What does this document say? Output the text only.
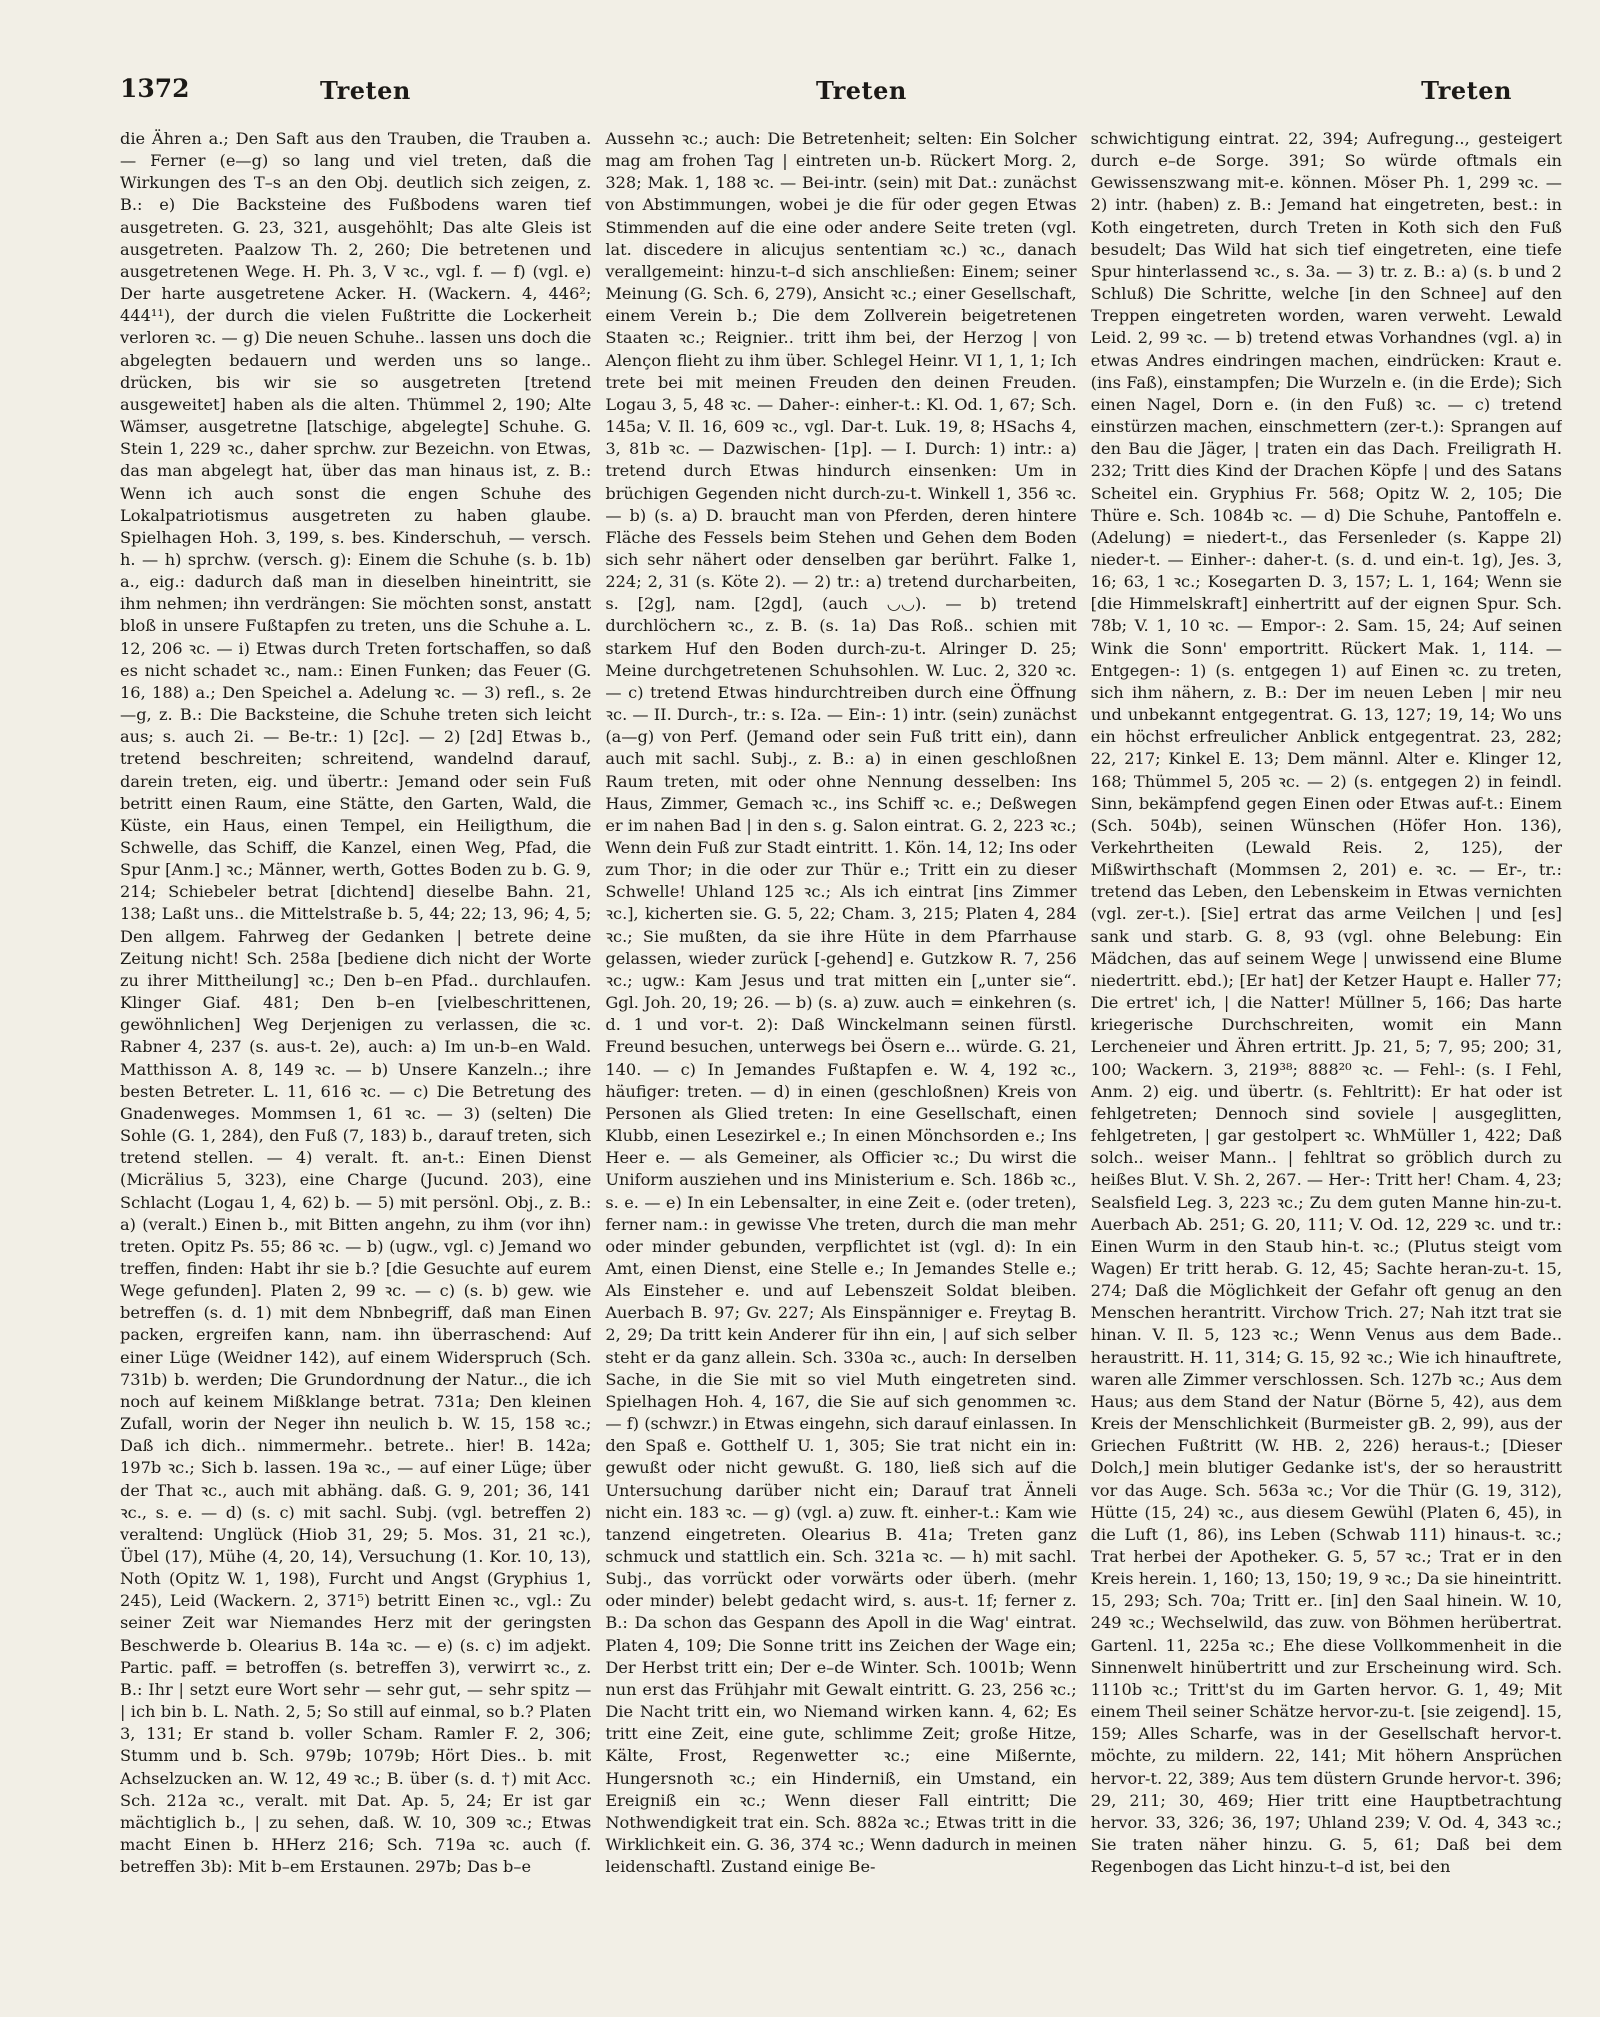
1372	Treten	Treten	Treten

die Ähren a.; Den Saft aus den Trauben, die Trauben a. — Ferner (e—g) so lang und viel treten, daß die Wirkungen des T–s an den Obj. deutlich sich zeigen, z. B.: e) Die Backsteine des Fußbodens waren tief ausgetreten. G. 23, 321, ausgehöhlt; Das alte Gleis ist ausgetreten. Paalzow Th. 2, 260; Die betretenen und ausgetretenen Wege. H. Ph. 3, V ꝛc., vgl. f. — f) (vgl. e) Der harte ausgetretene Acker. H. (Wackern. 4, 446²; 444¹¹), der durch die vielen Fußtritte die Lockerheit verloren ꝛc. — g) Die neuen Schuhe.. lassen uns doch die abgelegten bedauern und werden uns so lange.. drücken, bis wir sie so ausgetreten [tretend ausgeweitet] haben als die alten. Thümmel 2, 190; Alte Wämser, ausgetretne [latschige, abgelegte] Schuhe. G. Stein 1, 229 ꝛc., daher sprchw. zur Bezeichn. von Etwas, das man abgelegt hat, über das man hinaus ist, z. B.: Wenn ich auch sonst die engen Schuhe des Lokalpatriotismus ausgetreten zu haben glaube. Spielhagen Hoh. 3, 199, s. bes. Kinderschuh, — versch. h. — h) sprchw. (versch. g): Einem die Schuhe (s. b. 1b) a., eig.: dadurch daß man in dieselben hineintritt, sie ihm nehmen; ihn verdrängen: Sie möchten sonst, anstatt bloß in unsere Fußtapfen zu treten, uns die Schuhe a. L. 12, 206 ꝛc. — i) Etwas durch Treten fortschaffen, so daß es nicht schadet ꝛc., nam.: Einen Funken; das Feuer (G. 16, 188) a.; Den Speichel a. Adelung ꝛc. — 3) refl., s. 2e—g, z. B.: Die Backsteine, die Schuhe treten sich leicht aus; s. auch 2i. — Be-tr.: 1) [2c]. — 2) [2d] Etwas b., tretend beschreiten; schreitend, wandelnd darauf, darein treten, eig. und übertr.: Jemand oder sein Fuß betritt einen Raum, eine Stätte, den Garten, Wald, die Küste, ein Haus, einen Tempel, ein Heiligthum, die Schwelle, das Schiff, die Kanzel, einen Weg, Pfad, die Spur [Anm.] ꝛc.; Männer, werth, Gottes Boden zu b. G. 9, 214; Schiebeler betrat [dichtend] dieselbe Bahn. 21, 138; Laßt uns.. die Mittelstraße b. 5, 44; 22; 13, 96; 4, 5; Den allgem. Fahrweg der Gedanken | betrete deine Zeitung nicht! Sch. 258a [bediene dich nicht der Worte zu ihrer Mittheilung] ꝛc.; Den b–en Pfad.. durchlaufen. Klinger Giaf. 481; Den b–en [vielbeschrittenen, gewöhnlichen] Weg Derjenigen zu verlassen, die ꝛc. Rabner 4, 237 (s. aus-t. 2e), auch: a) Im un-b–en Wald. Matthisson A. 8, 149 ꝛc. — b) Unsere Kanzeln..; ihre besten Betreter. L. 11, 616 ꝛc. — c) Die Betretung des Gnadenweges. Mommsen 1, 61 ꝛc. — 3) (selten) Die Sohle (G. 1, 284), den Fuß (7, 183) b., darauf treten, sich tretend stellen. — 4) veralt. ft. an-t.: Einen Dienst (Micrälius 5, 323), eine Charge (Jucund. 203), eine Schlacht (Logau 1, 4, 62) b. — 5) mit persönl. Obj., z. B.: a) (veralt.) Einen b., mit Bitten angehn, zu ihm (vor ihn) treten. Opitz Ps. 55; 86 ꝛc. — b) (ugw., vgl. c) Jemand wo treffen, finden: Habt ihr sie b.? [die Gesuchte auf eurem Wege gefunden]. Platen 2, 99 ꝛc. — c) (s. b) gew. wie betreffen (s. d. 1) mit dem Nbnbegriff, daß man Einen packen, ergreifen kann, nam. ihn überraschend: Auf einer Lüge (Weidner 142), auf einem Widerspruch (Sch. 731b) b. werden; Die Grundordnung der Natur.., die ich noch auf keinem Mißklange betrat. 731a; Den kleinen Zufall, worin der Neger ihn neulich b. W. 15, 158 ꝛc.; Daß ich dich.. nimmermehr.. betrete.. hier! B. 142a; 197b ꝛc.; Sich b. lassen. 19a ꝛc., — auf einer Lüge; über der That ꝛc., auch mit abhäng. daß. G. 9, 201; 36, 141 ꝛc., s. e. — d) (s. c) mit sachl. Subj. (vgl. betreffen 2) veraltend: Unglück (Hiob 31, 29; 5. Mos. 31, 21 ꝛc.), Übel (17), Mühe (4, 20, 14), Versuchung (1. Kor. 10, 13), Noth (Opitz W. 1, 198), Furcht und Angst (Gryphius 1, 245), Leid (Wackern. 2, 371⁵) betritt Einen ꝛc., vgl.: Zu seiner Zeit war Niemandes Herz mit der geringsten Beschwerde b. Olearius B. 14a ꝛc. — e) (s. c) im adjekt. Partic. paff. = betroffen (s. betreffen 3), verwirrt ꝛc., z. B.: Ihr | setzt eure Wort sehr — sehr gut, — sehr spitz — | ich bin b. L. Nath. 2, 5; So still auf einmal, so b.? Platen 3, 131; Er stand b. voller Scham. Ramler F. 2, 306; Stumm und b. Sch. 979b; 1079b; Hört Dies.. b. mit Achselzucken an. W. 12, 49 ꝛc.; B. über (s. d. †) mit Acc. Sch. 212a ꝛc., veralt. mit Dat. Ap. 5, 24; Er ist gar mächtiglich b., | zu sehen, daß. W. 10, 309 ꝛc.; Etwas macht Einen b. HHerz 216; Sch. 719a ꝛc. auch (f. betreffen 3b): Mit b–em Erstaunen. 297b; Das b–e

Aussehn ꝛc.; auch: Die Betretenheit; selten: Ein Solcher mag am frohen Tag | eintreten un-b. Rückert Morg. 2, 328; Mak. 1, 188 ꝛc. — Bei-intr. (sein) mit Dat.: zunächst von Abstimmungen, wobei je die für oder gegen Etwas Stimmenden auf die eine oder andere Seite treten (vgl. lat. discedere in alicujus sententiam ꝛc.) ꝛc., danach verallgemeint: hinzu-t–d sich anschließen: Einem; seiner Meinung (G. Sch. 6, 279), Ansicht ꝛc.; einer Gesellschaft, einem Verein b.; Die dem Zollverein beigetretenen Staaten ꝛc.; Reignier.. tritt ihm bei, der Herzog | von Alençon flieht zu ihm über. Schlegel Heinr. VI 1, 1, 1; Ich trete bei mit meinen Freuden den deinen Freuden. Logau 3, 5, 48 ꝛc. — Daher-: einher-t.: Kl. Od. 1, 67; Sch. 145a; V. Il. 16, 609 ꝛc., vgl. Dar-t. Luk. 19, 8; HSachs 4, 3, 81b ꝛc. — Dazwischen- [1p]. — I. Durch: 1) intr.: a) tretend durch Etwas hindurch einsenken: Um in brüchigen Gegenden nicht durch-zu-t. Winkell 1, 356 ꝛc. — b) (s. a) D. braucht man von Pferden, deren hintere Fläche des Fessels beim Stehen und Gehen dem Boden sich sehr nähert oder denselben gar berührt. Falke 1, 224; 2, 31 (s. Köte 2). — 2) tr.: a) tretend durcharbeiten, s. [2g], nam. [2gd], (auch ◡◡). — b) tretend durchlöchern ꝛc., z. B. (s. 1a) Das Roß.. schien mit starkem Huf den Boden durch-zu-t. Alringer D. 25; Meine durchgetretenen Schuhsohlen. W. Luc. 2, 320 ꝛc. — c) tretend Etwas hindurchtreiben durch eine Öffnung ꝛc. — II. Durch-, tr.: s. I2a. — Ein-: 1) intr. (sein) zunächst (a—g) von Perf. (Jemand oder sein Fuß tritt ein), dann auch mit sachl. Subj., z. B.: a) in einen geschloßnen Raum treten, mit oder ohne Nennung desselben: Ins Haus, Zimmer, Gemach ꝛc., ins Schiff ꝛc. e.; Deßwegen er im nahen Bad | in den s. g. Salon eintrat. G. 2, 223 ꝛc.; Wenn dein Fuß zur Stadt eintritt. 1. Kön. 14, 12; Ins oder zum Thor; in die oder zur Thür e.; Tritt ein zu dieser Schwelle! Uhland 125 ꝛc.; Als ich eintrat [ins Zimmer ꝛc.], kicherten sie. G. 5, 22; Cham. 3, 215; Platen 4, 284 ꝛc.; Sie mußten, da sie ihre Hüte in dem Pfarrhause gelassen, wieder zurück [-gehend] e. Gutzkow R. 7, 256 ꝛc.; ugw.: Kam Jesus und trat mitten ein [„unter sie“. Ggl. Joh. 20, 19; 26. — b) (s. a) zuw. auch = einkehren (s. d. 1 und vor-t. 2): Daß Winckelmann seinen fürstl. Freund besuchen, unterwegs bei Ösern e... würde. G. 21, 140. — c) In Jemandes Fußtapfen e. W. 4, 192 ꝛc., häufiger: treten. — d) in einen (geschloßnen) Kreis von Personen als Glied treten: In eine Gesellschaft, einen Klubb, einen Lesezirkel e.; In einen Mönchsorden e.; Ins Heer e. — als Gemeiner, als Officier ꝛc.; Du wirst die Uniform ausziehen und ins Ministerium e. Sch. 186b ꝛc., s. e. — e) In ein Lebensalter, in eine Zeit e. (oder treten), ferner nam.: in gewisse Vhe treten, durch die man mehr oder minder gebunden, verpflichtet ist (vgl. d): In ein Amt, einen Dienst, eine Stelle e.; In Jemandes Stelle e.; Als Einsteher e. und auf Lebenszeit Soldat bleiben. Auerbach B. 97; Gv. 227; Als Einspänniger e. Freytag B. 2, 29; Da tritt kein Anderer für ihn ein, | auf sich selber steht er da ganz allein. Sch. 330a ꝛc., auch: In derselben Sache, in die Sie mit so viel Muth eingetreten sind. Spielhagen Hoh. 4, 167, die Sie auf sich genommen ꝛc. — f) (schwzr.) in Etwas eingehn, sich darauf einlassen. In den Spaß e. Gotthelf U. 1, 305; Sie trat nicht ein in: gewußt oder nicht gewußt. G. 180, ließ sich auf die Untersuchung darüber nicht ein; Darauf trat Änneli nicht ein. 183 ꝛc. — g) (vgl. a) zuw. ft. einher-t.: Kam wie tanzend eingetreten. Olearius B. 41a; Treten ganz schmuck und stattlich ein. Sch. 321a ꝛc. — h) mit sachl. Subj., das vorrückt oder vorwärts oder überh. (mehr oder minder) belebt gedacht wird, s. aus-t. 1f; ferner z. B.: Da schon das Gespann des Apoll in die Wag' eintrat. Platen 4, 109; Die Sonne tritt ins Zeichen der Wage ein; Der Herbst tritt ein; Der e–de Winter. Sch. 1001b; Wenn nun erst das Frühjahr mit Gewalt eintritt. G. 23, 256 ꝛc.; Die Nacht tritt ein, wo Niemand wirken kann. 4, 62; Es tritt eine Zeit, eine gute, schlimme Zeit; große Hitze, Kälte, Frost, Regenwetter ꝛc.; eine Mißernte, Hungersnoth ꝛc.; ein Hinderniß, ein Umstand, ein Ereigniß ein ꝛc.; Wenn dieser Fall eintritt; Die Nothwendigkeit trat ein. Sch. 882a ꝛc.; Etwas tritt in die Wirklichkeit ein. G. 36, 374 ꝛc.; Wenn dadurch in meinen leidenschaftl. Zustand einige Be-

schwichtigung eintrat. 22, 394; Aufregung.., gesteigert durch e–de Sorge. 391; So würde oftmals ein Gewissenszwang mit-e. können. Möser Ph. 1, 299 ꝛc. — 2) intr. (haben) z. B.: Jemand hat eingetreten, best.: in Koth eingetreten, durch Treten in Koth sich den Fuß besudelt; Das Wild hat sich tief eingetreten, eine tiefe Spur hinterlassend ꝛc., s. 3a. — 3) tr. z. B.: a) (s. b und 2 Schluß) Die Schritte, welche [in den Schnee] auf den Treppen eingetreten worden, waren verweht. Lewald Leid. 2, 99 ꝛc. — b) tretend etwas Vorhandnes (vgl. a) in etwas Andres eindringen machen, eindrücken: Kraut e. (ins Faß), einstampfen; Die Wurzeln e. (in die Erde); Sich einen Nagel, Dorn e. (in den Fuß) ꝛc. — c) tretend einstürzen machen, einschmettern (zer-t.): Sprangen auf den Bau die Jäger, | traten ein das Dach. Freiligrath H. 232; Tritt dies Kind der Drachen Köpfe | und des Satans Scheitel ein. Gryphius Fr. 568; Opitz W. 2, 105; Die Thüre e. Sch. 1084b ꝛc. — d) Die Schuhe, Pantoffeln e. (Adelung) = niedert-t., das Fersenleder (s. Kappe 2l) nieder-t. — Einher-: daher-t. (s. d. und ein-t. 1g), Jes. 3, 16; 63, 1 ꝛc.; Kosegarten D. 3, 157; L. 1, 164; Wenn sie [die Himmelskraft] einhertritt auf der eignen Spur. Sch. 78b; V. 1, 10 ꝛc. — Empor-: 2. Sam. 15, 24; Auf seinen Wink die Sonn' emportritt. Rückert Mak. 1, 114. — Entgegen-: 1) (s. entgegen 1) auf Einen ꝛc. zu treten, sich ihm nähern, z. B.: Der im neuen Leben | mir neu und unbekannt entgegentrat. G. 13, 127; 19, 14; Wo uns ein höchst erfreulicher Anblick entgegentrat. 23, 282; 22, 217; Kinkel E. 13; Dem männl. Alter e. Klinger 12, 168; Thümmel 5, 205 ꝛc. — 2) (s. entgegen 2) in feindl. Sinn, bekämpfend gegen Einen oder Etwas auf-t.: Einem (Sch. 504b), seinen Wünschen (Höfer Hon. 136), Verkehrtheiten (Lewald Reis. 2, 125), der Mißwirthschaft (Mommsen 2, 201) e. ꝛc. — Er-, tr.: tretend das Leben, den Lebenskeim in Etwas vernichten (vgl. zer-t.). [Sie] ertrat das arme Veilchen | und [es] sank und starb. G. 8, 93 (vgl. ohne Belebung: Ein Mädchen, das auf seinem Wege | unwissend eine Blume niedertritt. ebd.); [Er hat] der Ketzer Haupt e. Haller 77; Die ertret' ich, | die Natter! Müllner 5, 166; Das harte kriegerische Durchschreiten, womit ein Mann Lercheneier und Ähren ertritt. Jp. 21, 5; 7, 95; 200; 31, 100; Wackern. 3, 219³⁸; 888²⁰ ꝛc. — Fehl-: (s. I Fehl, Anm. 2) eig. und übertr. (s. Fehltritt): Er hat oder ist fehlgetreten; Dennoch sind soviele | ausgeglitten, fehlgetreten, | gar gestolpert ꝛc. WhMüller 1, 422; Daß solch.. weiser Mann.. | fehltrat so gröblich durch zu heißes Blut. V. Sh. 2, 267. — Her-: Tritt her! Cham. 4, 23; Sealsfield Leg. 3, 223 ꝛc.; Zu dem guten Manne hin-zu-t. Auerbach Ab. 251; G. 20, 111; V. Od. 12, 229 ꝛc. und tr.: Einen Wurm in den Staub hin-t. ꝛc.; (Plutus steigt vom Wagen) Er tritt herab. G. 12, 45; Sachte heran-zu-t. 15, 274; Daß die Möglichkeit der Gefahr oft genug an den Menschen herantritt. Virchow Trich. 27; Nah itzt trat sie hinan. V. Il. 5, 123 ꝛc.; Wenn Venus aus dem Bade.. heraustritt. H. 11, 314; G. 15, 92 ꝛc.; Wie ich hinauftrete, waren alle Zimmer verschlossen. Sch. 127b ꝛc.; Aus dem Haus; aus dem Stand der Natur (Börne 5, 42), aus dem Kreis der Menschlichkeit (Burmeister gB. 2, 99), aus der Griechen Fußtritt (W. HB. 2, 226) heraus-t.; [Dieser Dolch,] mein blutiger Gedanke ist's, der so heraustritt vor das Auge. Sch. 563a ꝛc.; Vor die Thür (G. 19, 312), Hütte (15, 24) ꝛc., aus diesem Gewühl (Platen 6, 45), in die Luft (1, 86), ins Leben (Schwab 111) hinaus-t. ꝛc.; Trat herbei der Apotheker. G. 5, 57 ꝛc.; Trat er in den Kreis herein. 1, 160; 13, 150; 19, 9 ꝛc.; Da sie hineintritt. 15, 293; Sch. 70a; Tritt er.. [in] den Saal hinein. W. 10, 249 ꝛc.; Wechselwild, das zuw. von Böhmen herübertrat. Gartenl. 11, 225a ꝛc.; Ehe diese Vollkommenheit in die Sinnenwelt hinübertritt und zur Erscheinung wird. Sch. 1110b ꝛc.; Tritt'st du im Garten hervor. G. 1, 49; Mit einem Theil seiner Schätze hervor-zu-t. [sie zeigend]. 15, 159; Alles Scharfe, was in der Gesellschaft hervor-t. möchte, zu mildern. 22, 141; Mit höhern Ansprüchen hervor-t. 22, 389; Aus tem düstern Grunde hervor-t. 396; 29, 211; 30, 469; Hier tritt eine Hauptbetrachtung hervor. 33, 326; 36, 197; Uhland 239; V. Od. 4, 343 ꝛc.; Sie traten näher hinzu. G. 5, 61; Daß bei dem Regenbogen das Licht hinzu-t–d ist, bei den
